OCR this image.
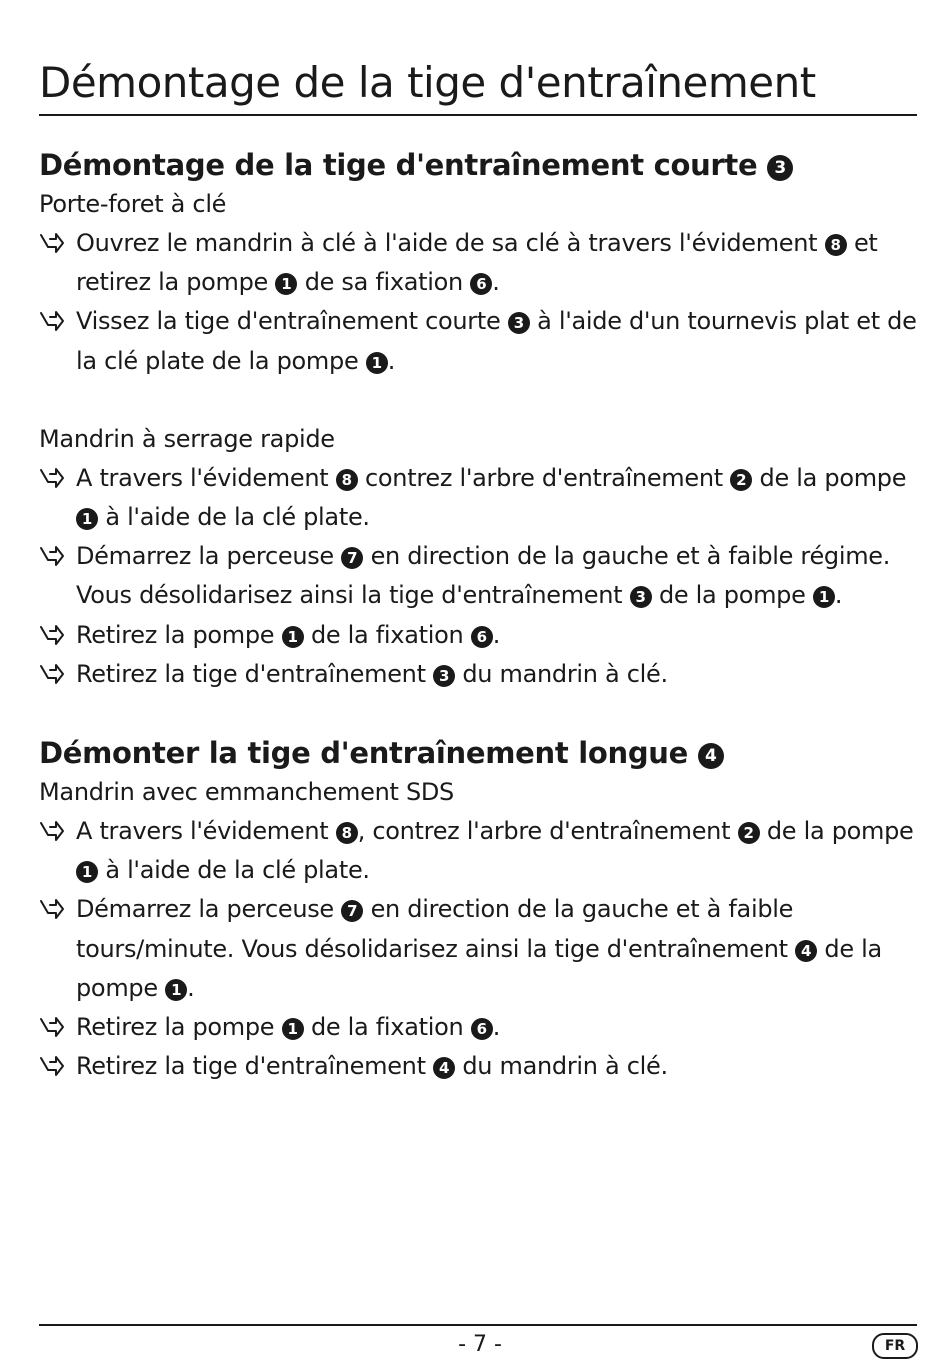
Démontage de la tige d'entraînement
Démontage de la tige d'entraînement courte 3
Porte-foret à clé
Ouvrez le mandrin à clé à l'aide de sa clé à travers l'évidement 8 et retirez la pompe 1 de sa fixation 6 .
Vissez la tige d'entraînement courte 3 à l'aide d'un tournevis plat et de la clé plate de la pompe 1 .
Mandrin à serrage rapide
A travers l'évidement 8 contrez l'arbre d'entraînement 2 de la pompe 1 à l'aide de la clé plate.
Démarrez la perceuse 7 en direction de la gauche et à faible régime. Vous désolidarisez ainsi la tige d'entraînement 3 de la pompe 1 .
Retirez la pompe 1 de la fixation 6 .
Retirez la tige d'entraînement 3 du mandrin à clé.
Démonter la tige d'entraînement longue 4
Mandrin avec emmanchement SDS
A travers l'évidement 8 , contrez l'arbre d'entraînement 2 de la pompe 1 à l'aide de la clé plate.
Démarrez la perceuse 7 en direction de la gauche et à faible tours/minute. Vous désolidarisez ainsi la tige d'entraînement 4 de la pompe 1 .
Retirez la pompe 1 de la fixation 6 .
Retirez la tige d'entraînement 4 du mandrin à clé.
- 7 -	FR
